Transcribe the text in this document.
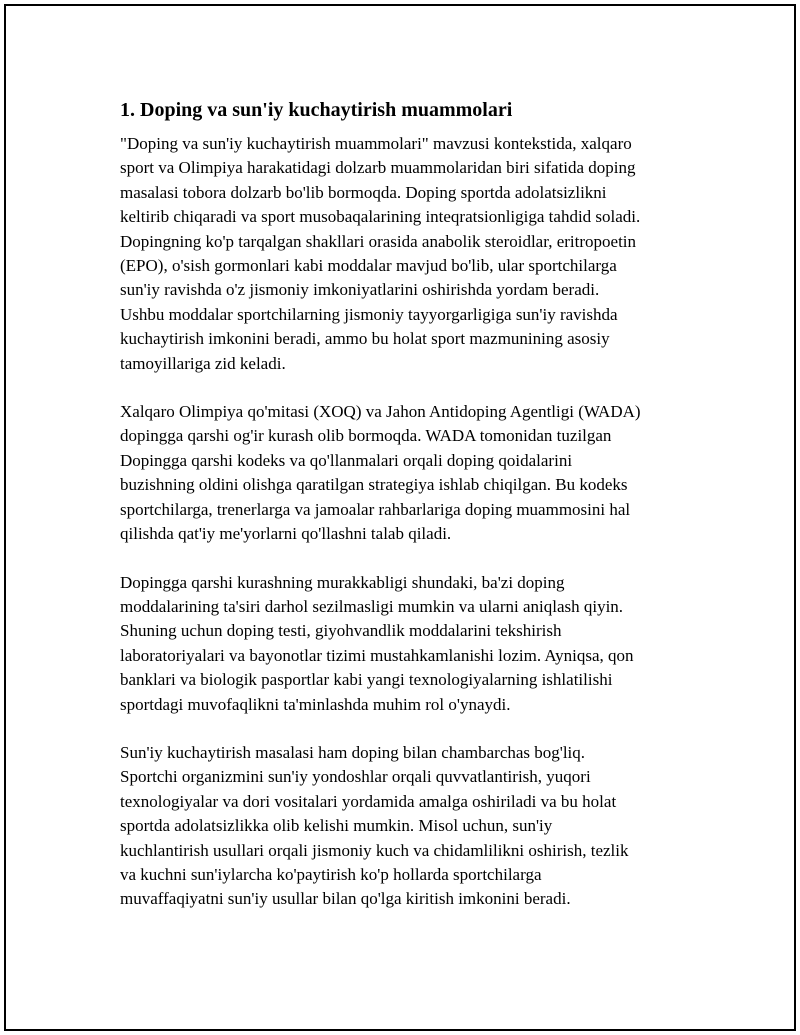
1. Doping va sun'iy kuchaytirish muammolari

"Doping va sun'iy kuchaytirish muammolari" mavzusi kontekstida, xalqaro
sport va Olimpiya harakatidagi dolzarb muammolaridan biri sifatida doping
masalasi tobora dolzarb bo'lib bormoqda. Doping sportda adolatsizlikni
keltirib chiqaradi va sport musobaqalarining inteqratsionligiga tahdid soladi.
Dopingning ko'p tarqalgan shakllari orasida anabolik steroidlar, eritropoetin
(EPO), o'sish gormonlari kabi moddalar mavjud bo'lib, ular sportchilarga
sun'iy ravishda o'z jismoniy imkoniyatlarini oshirishda yordam beradi.
Ushbu moddalar sportchilarning jismoniy tayyorgarligiga sun'iy ravishda
kuchaytirish imkonini beradi, ammo bu holat sport mazmunining asosiy
tamoyillariga zid keladi.

Xalqaro Olimpiya qo'mitasi (XOQ) va Jahon Antidoping Agentligi (WADA)
dopingga qarshi og'ir kurash olib bormoqda. WADA tomonidan tuzilgan
Dopingga qarshi kodeks va qo'llanmalari orqali doping qoidalarini
buzishning oldini olishga qaratilgan strategiya ishlab chiqilgan. Bu kodeks
sportchilarga, trenerlarga va jamoalar rahbarlariga doping muammosini hal
qilishda qat'iy me'yorlarni qo'llashni talab qiladi.

Dopingga qarshi kurashning murakkabligi shundaki, ba'zi doping
moddalarining ta'siri darhol sezilmasligi mumkin va ularni aniqlash qiyin.
Shuning uchun doping testi, giyohvandlik moddalarini tekshirish
laboratoriyalari va bayonotlar tizimi mustahkamlanishi lozim. Ayniqsa, qon
banklari va biologik pasportlar kabi yangi texnologiyalarning ishlatilishi
sportdagi muvofaqlikni ta'minlashda muhim rol o'ynaydi.

Sun'iy kuchaytirish masalasi ham doping bilan chambarchas bog'liq.
Sportchi organizmini sun'iy yondoshlar orqali quvvatlantirish, yuqori
texnologiyalar va dori vositalari yordamida amalga oshiriladi va bu holat
sportda adolatsizlikka olib kelishi mumkin. Misol uchun, sun'iy
kuchlantirish usullari orqali jismoniy kuch va chidamlilikni oshirish, tezlik
va kuchni sun'iylarcha ko'paytirish ko'p hollarda sportchilarga
muvaffaqiyatni sun'iy usullar bilan qo'lga kiritish imkonini beradi.
